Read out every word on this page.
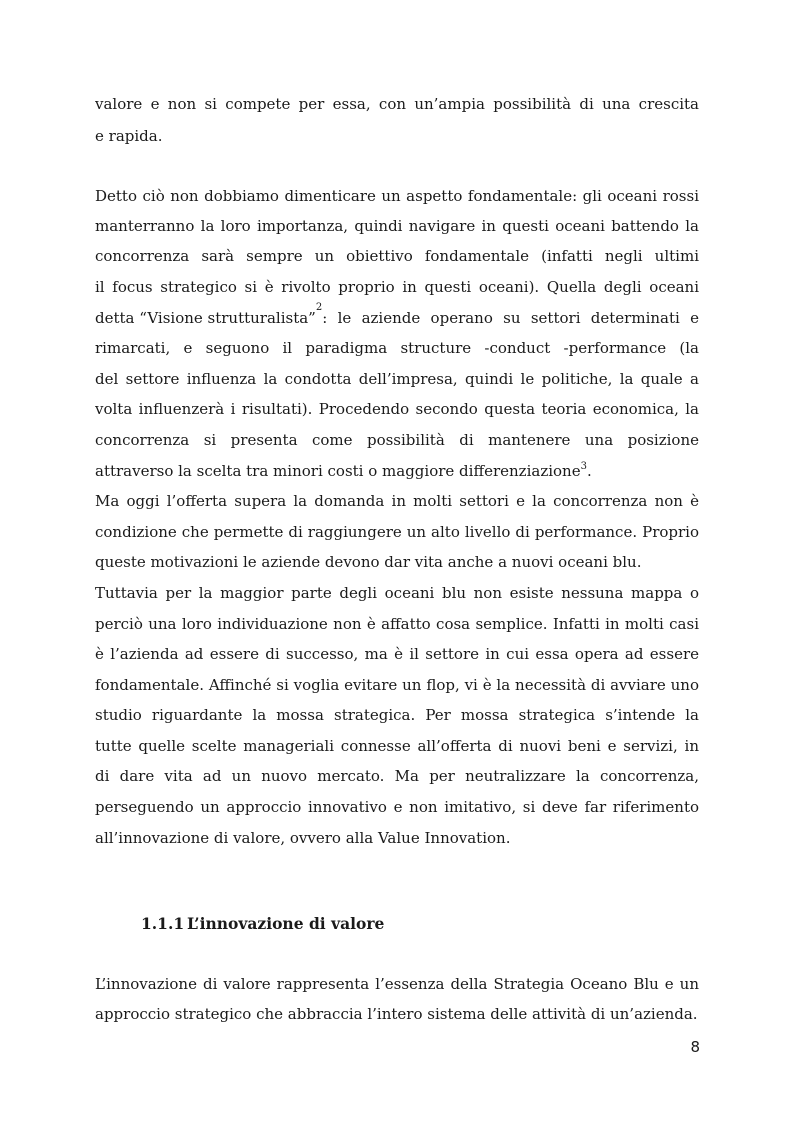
valore e non si compete per essa, con un’ampia possibilità di una crescita
e rapida.
Detto ciò non dobbiamo dimenticare un aspetto fondamentale: gli oceani rossi
manterranno la loro importanza, quindi navigare in questi oceani battendo la
concorrenza sarà sempre un obiettivo fondamentale (infatti negli ultimi
il focus strategico si è rivolto proprio in questi oceani). Quella degli oceani
detta “Visione strutturalista”
2
: le aziende operano su settori determinati e
rimarcati, e seguono il paradigma structure -conduct -performance (la
del settore influenza la condotta dell’impresa, quindi le politiche, la quale a
volta influenzerà i risultati). Procedendo secondo questa teoria economica, la
concorrenza si presenta come possibilità di mantenere una posizione
attraverso la scelta tra minori costi o maggiore differenziazione$^3$.
Ma oggi l’offerta supera la domanda in molti settori e la concorrenza non è
condizione che permette di raggiungere un alto livello di performance. Proprio
queste motivazioni le aziende devono dar vita anche a nuovi oceani blu.
Tuttavia per la maggior parte degli oceani blu non esiste nessuna mappa o
perciò una loro individuazione non è affatto cosa semplice. Infatti in molti casi
è l’azienda ad essere di successo, ma è il settore in cui essa opera ad essere
fondamentale. Affinché si voglia evitare un flop, vi è la necessità di avviare uno
studio riguardante la mossa strategica. Per mossa strategica s’intende la
tutte quelle scelte manageriali connesse all’offerta di nuovi beni e servizi, in
di dare vita ad un nuovo mercato. Ma per neutralizzare la concorrenza,
perseguendo un approccio innovativo e non imitativo, si deve far riferimento
all’innovazione di valore, ovvero alla Value Innovation.
1.1.1 L’innovazione di valore
L’innovazione di valore rappresenta l’essenza della Strategia Oceano Blu e un
approccio strategico che abbraccia l’intero sistema delle attività di un’azienda.
8
